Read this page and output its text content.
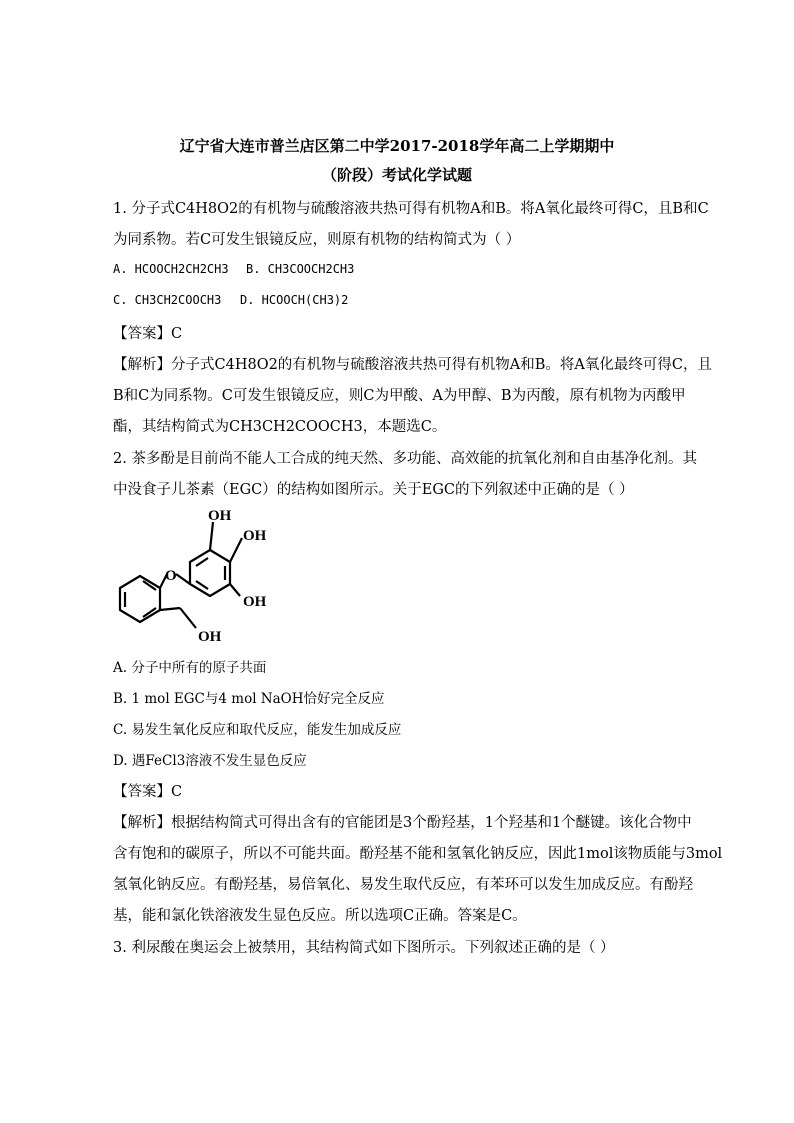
辽宁省大连市普兰店区第二中学2017-2018学年高二上学期期中
（阶段）考试化学试题
1. 分子式C4H8O2的有机物与硫酸溶液共热可得有机物A和B。将A氧化最终可得C，且B和C
为同系物。若C可发生银镜反应，则原有机物的结构简式为（ ）
A. HCOOCH2CH2CH3 B. CH3COOCH2CH3
C. CH3CH2COOCH3 D. HCOOCH(CH3)2
【答案】C
【解析】分子式C4H8O2的有机物与硫酸溶液共热可得有机物A和B。将A氧化最终可得C，且
B和C为同系物。C可发生银镜反应，则C为甲酸、A为甲醇、B为丙酸，原有机物为丙酸甲
酯，其结构简式为CH3CH2COOCH3，本题选C。
2. 茶多酚是目前尚不能人工合成的纯天然、多功能、高效能的抗氧化剂和自由基净化剂。其
中没食子儿茶素（EGC）的结构如图所示。关于EGC的下列叙述中正确的是（ ）
OH
OH
OH
O
OH
A. 分子中所有的原子共面
B. 1 mol EGC与4 mol NaOH恰好完全反应
C. 易发生氧化反应和取代反应，能发生加成反应
D. 遇FeCl3溶液不发生显色反应
【答案】C
【解析】根据结构简式可得出含有的官能团是3个酚羟基，1个羟基和1个醚键。该化合物中
含有饱和的碳原子，所以不可能共面。酚羟基不能和氢氧化钠反应，因此1mol该物质能与3mol
氢氧化钠反应。有酚羟基，易倍氧化、易发生取代反应，有苯环可以发生加成反应。有酚羟
基，能和氯化铁溶液发生显色反应。所以选项C正确。答案是C。
3. 利尿酸在奥运会上被禁用，其结构简式如下图所示。下列叙述正确的是（ ）
